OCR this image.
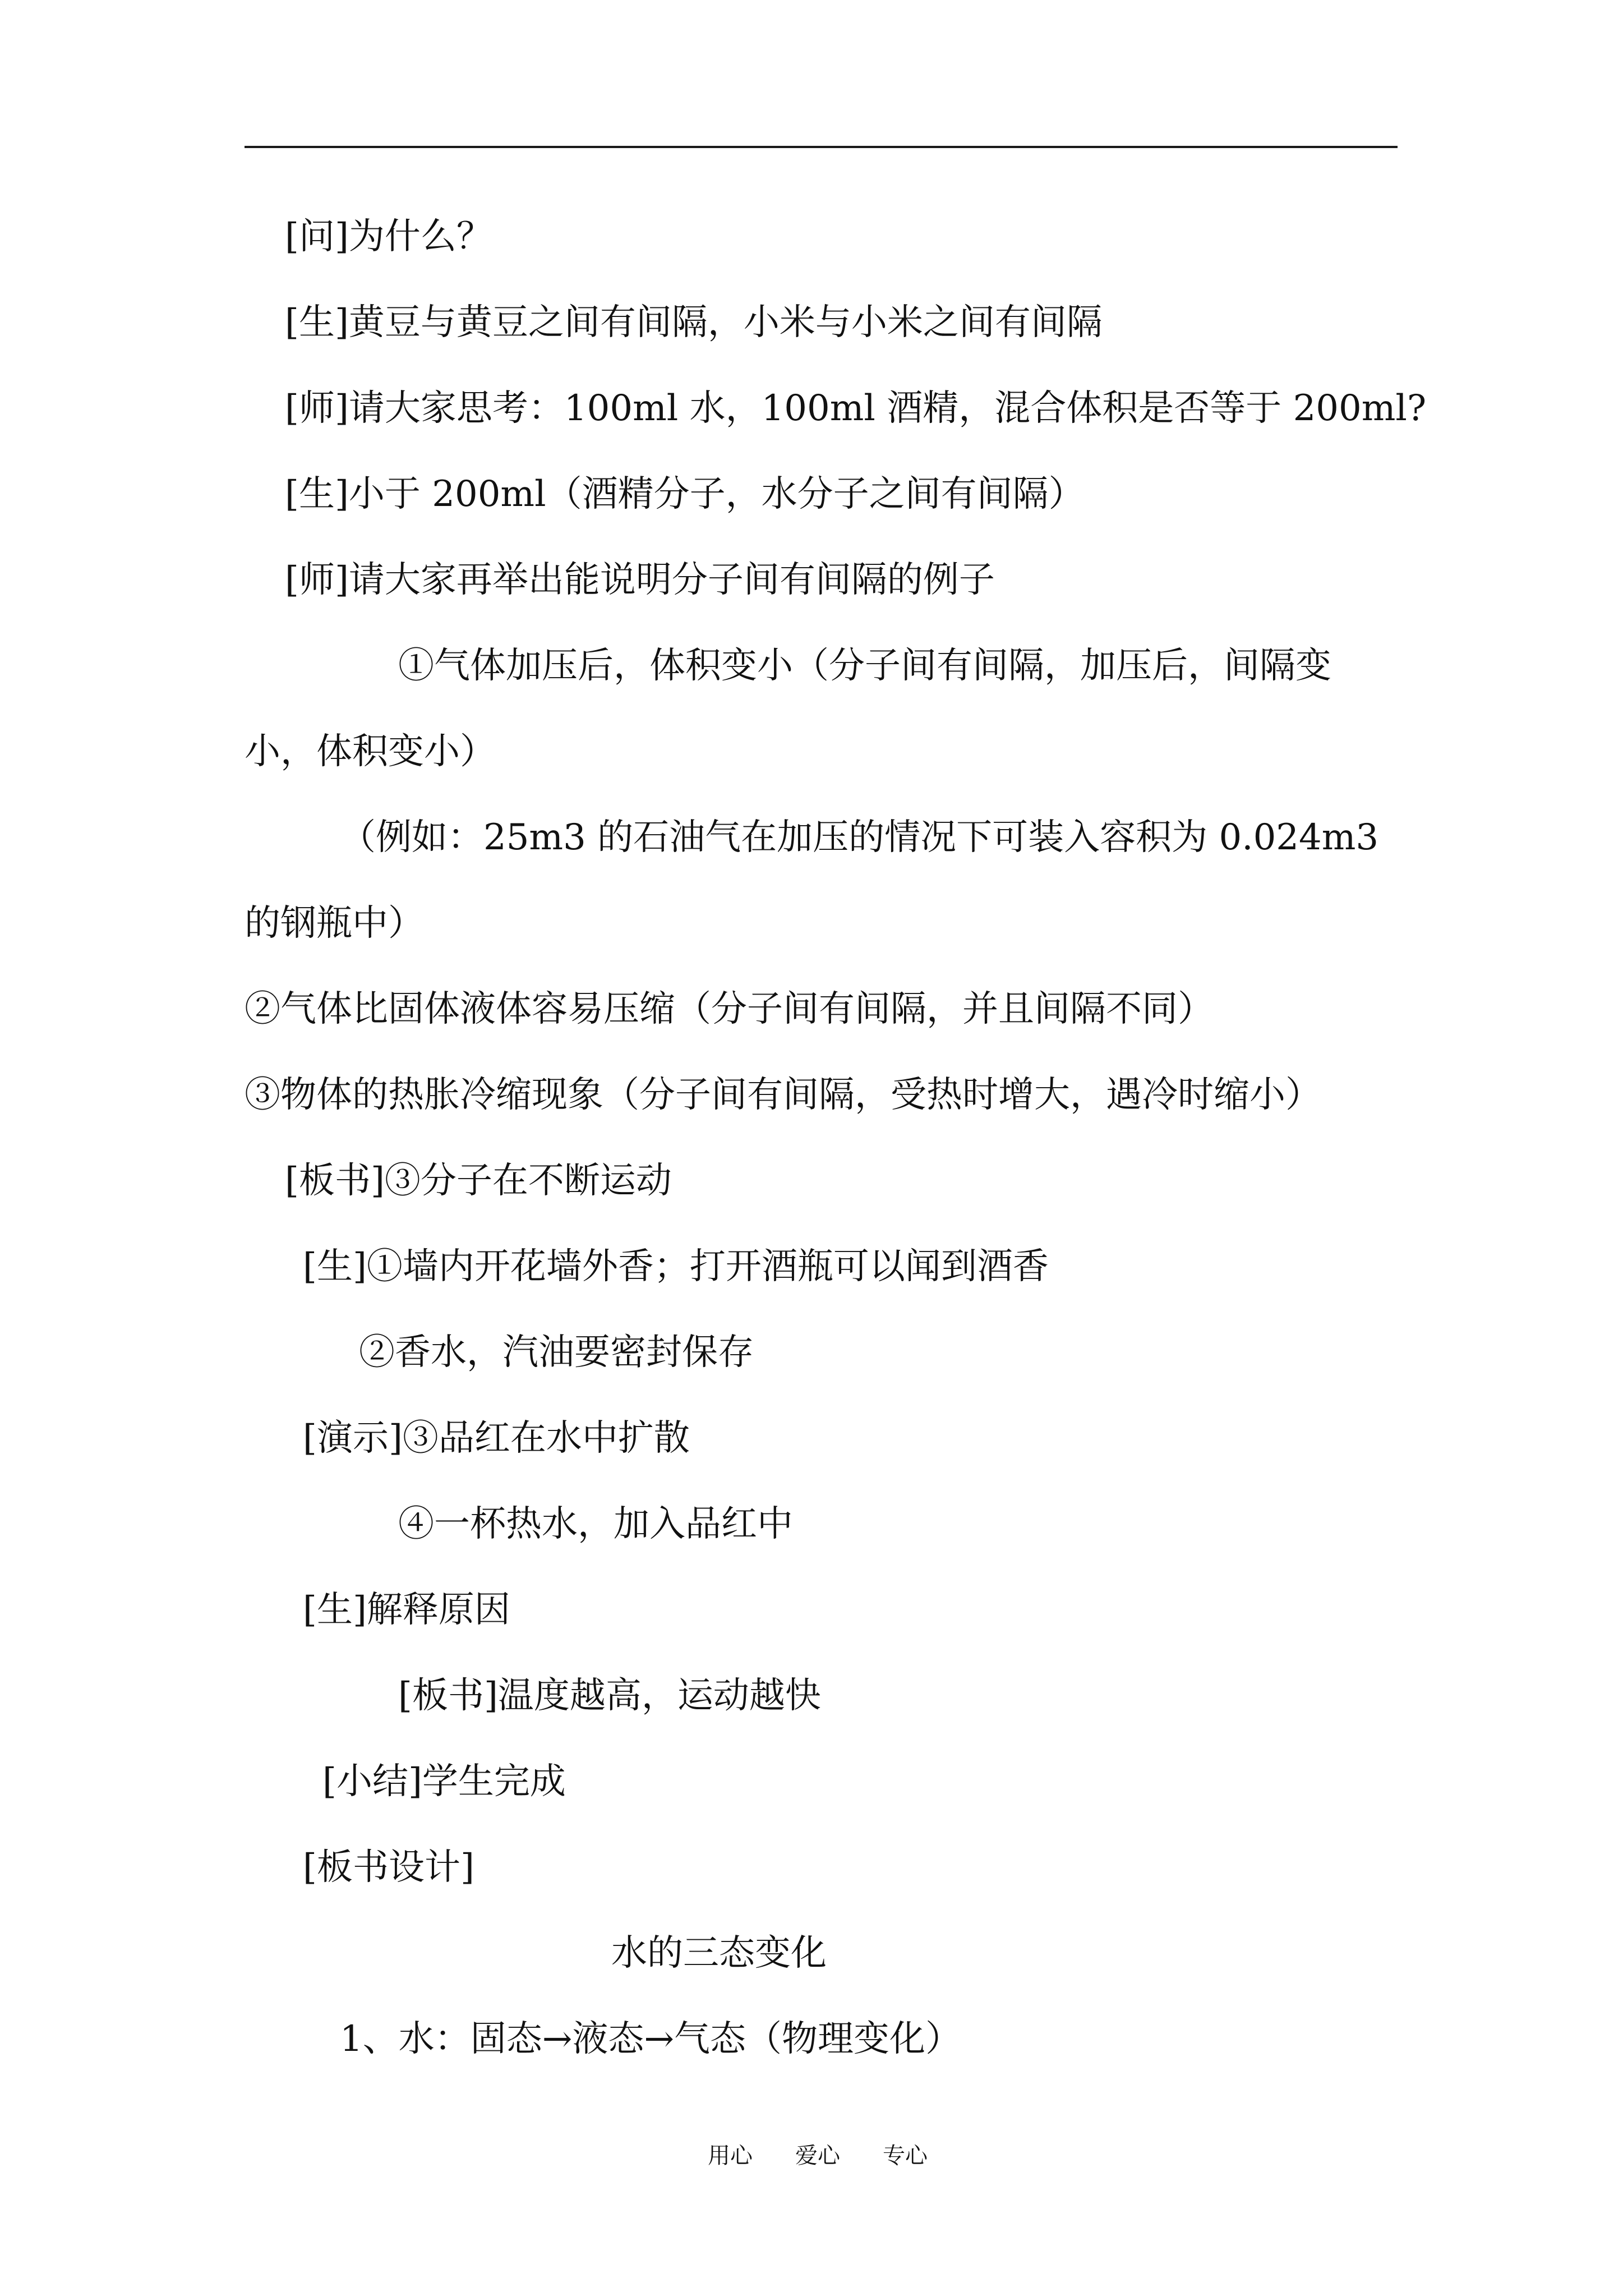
[问]为什么？
[生]黄豆与黄豆之间有间隔，小米与小米之间有间隔
[师]请大家思考：100ml 水，100ml 酒精，混合体积是否等于 200ml?
[生]小于 200ml（酒精分子，水分子之间有间隔）
[师]请大家再举出能说明分子间有间隔的例子
①气体加压后，体积变小（分子间有间隔，加压后，间隔变
小，体积变小）
（例如：25m3 的石油气在加压的情况下可装入容积为 0.024m3
的钢瓶中）
②气体比固体液体容易压缩（分子间有间隔，并且间隔不同）
③物体的热胀冷缩现象（分子间有间隔，受热时增大，遇冷时缩小）
[板书]③分子在不断运动
[生]①墙内开花墙外香；打开酒瓶可以闻到酒香
②香水，汽油要密封保存
[演示]③品红在水中扩散
④一杯热水，加入品红中
[生]解释原因
[板书]温度越高，运动越快
[小结]学生完成
[板书设计]
水的三态变化
1、水：固态→液态→气态（物理变化）
用心 爱心 专心
